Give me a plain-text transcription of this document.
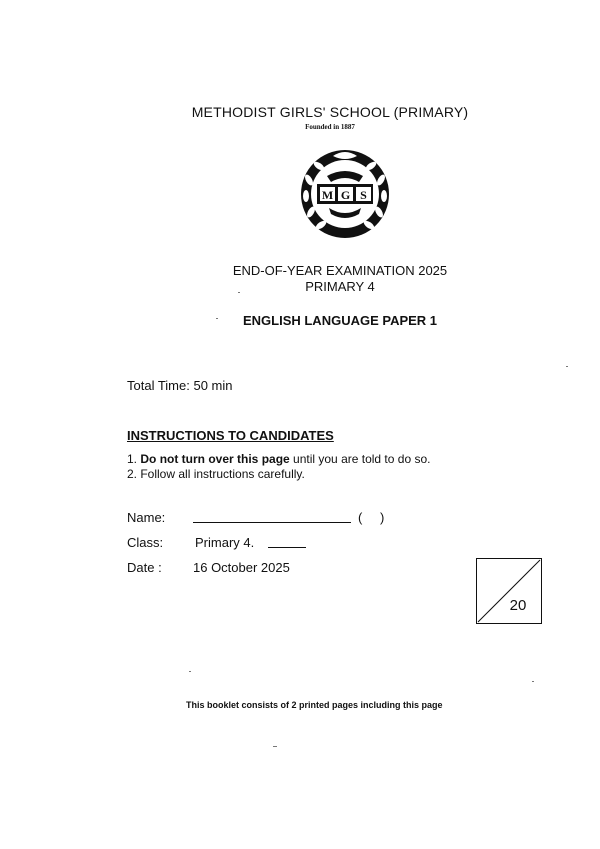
METHODIST GIRLS' SCHOOL (PRIMARY)
Founded in 1887
M G S
END-OF-YEAR EXAMINATION 2025
PRIMARY 4
ENGLISH LANGUAGE PAPER 1
Total Time: 50 min
INSTRUCTIONS TO CANDIDATES
1. Do not turn over this page until you are told to do so.
2. Follow all instructions carefully.
Name:	( )
Class: Primary 4.
Date : 16 October 2025
20
This booklet consists of 2 printed pages including this page
